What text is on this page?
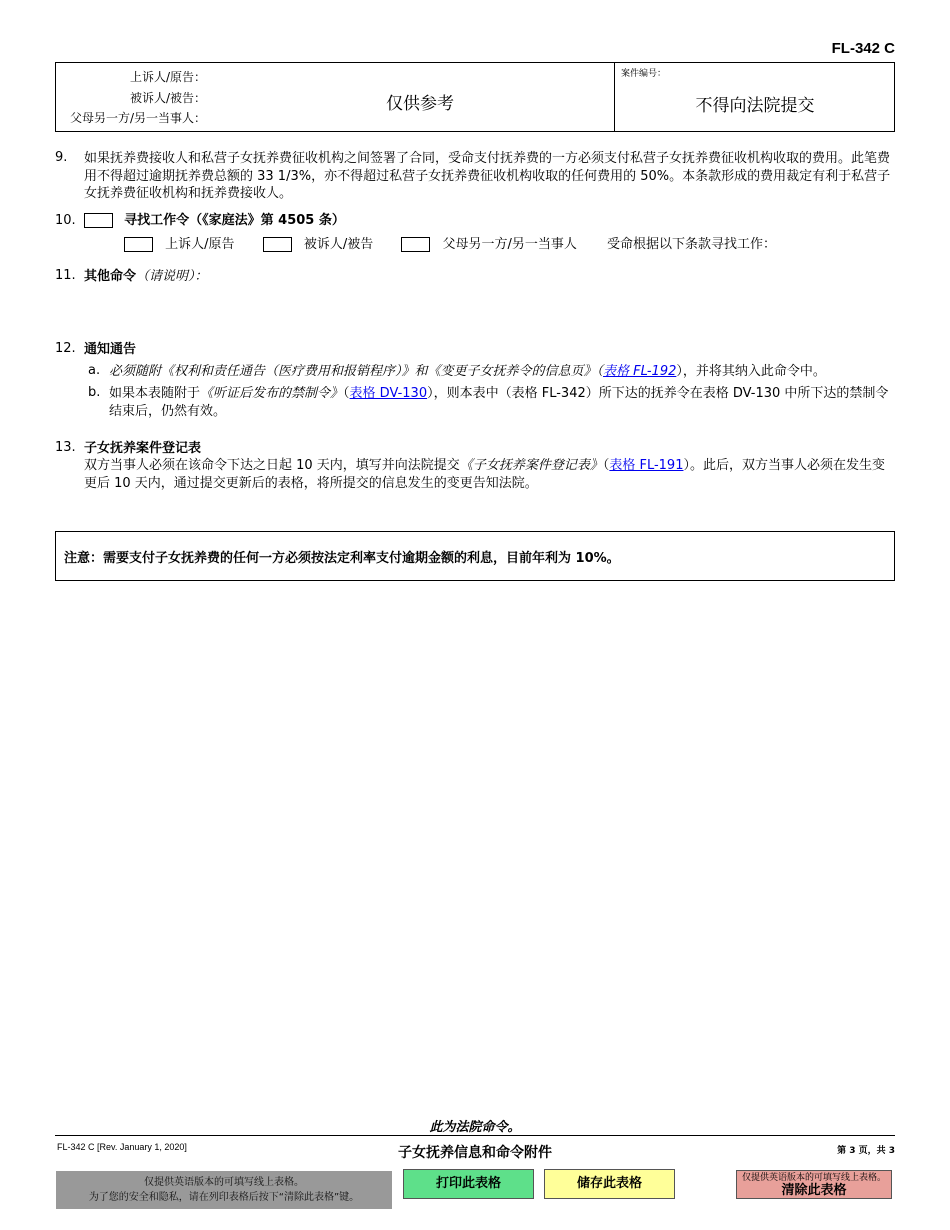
FL-342 C
上诉人/原告：
被诉人/被告：
父母另一方/另一当事人：
仅供参考
案件编号：
不得向法院提交
9.	如果抚养费接收人和私营子女抚养费征收机构之间签署了合同，受命支付抚养费的一方必须支付私营子女抚养费征收机构收取的费用。此笔费用不得超过逾期抚养费总额的 33 1/3%，亦不得超过私营子女抚养费征收机构收取的任何费用的 50%。本条款形成的费用裁定有利于私营子女抚养费征收机构和抚养费接收人。
10.	寻找工作令（《家庭法》第 4505 条）
上诉人/原告	被诉人/被告	父母另一方/另一当事人 受命根据以下条款寻找工作：
11. 其他命令（请说明）：
12. 通知通告
a. 必须随附《权利和责任通告（医疗费用和报销程序）》和《变更子女抚养令的信息页》（表格 FL-192），并将其纳入此命令中。
b. 如果本表随附于《听证后发布的禁制令》（表格 DV-130），则本表中（表格 FL-342）所下达的抚养令在表格 DV-130 中所下达的禁制令结束后，仍然有效。
13. 子女抚养案件登记表
双方当事人必须在该命令下达之日起 10 天内，填写并向法院提交《子女抚养案件登记表》（表格 FL-191）。此后，双方当事人必须在发生变更后 10 天内，通过提交更新后的表格，将所提交的信息发生的变更告知法院。
注意：需要支付子女抚养费的任何一方必须按法定利率支付逾期金额的利息，目前年利为 10%。
此为法院命令。
FL-342 C [Rev. January 1, 2020]	子女抚养信息和命令附件	第 3 页，共 3
仅提供英语版本的可填写线上表格。
为了您的安全和隐私，请在列印表格后按下“清除此表格”键。
打印此表格	储存此表格	仅提供英语版本的可填写线上表格。
清除此表格
